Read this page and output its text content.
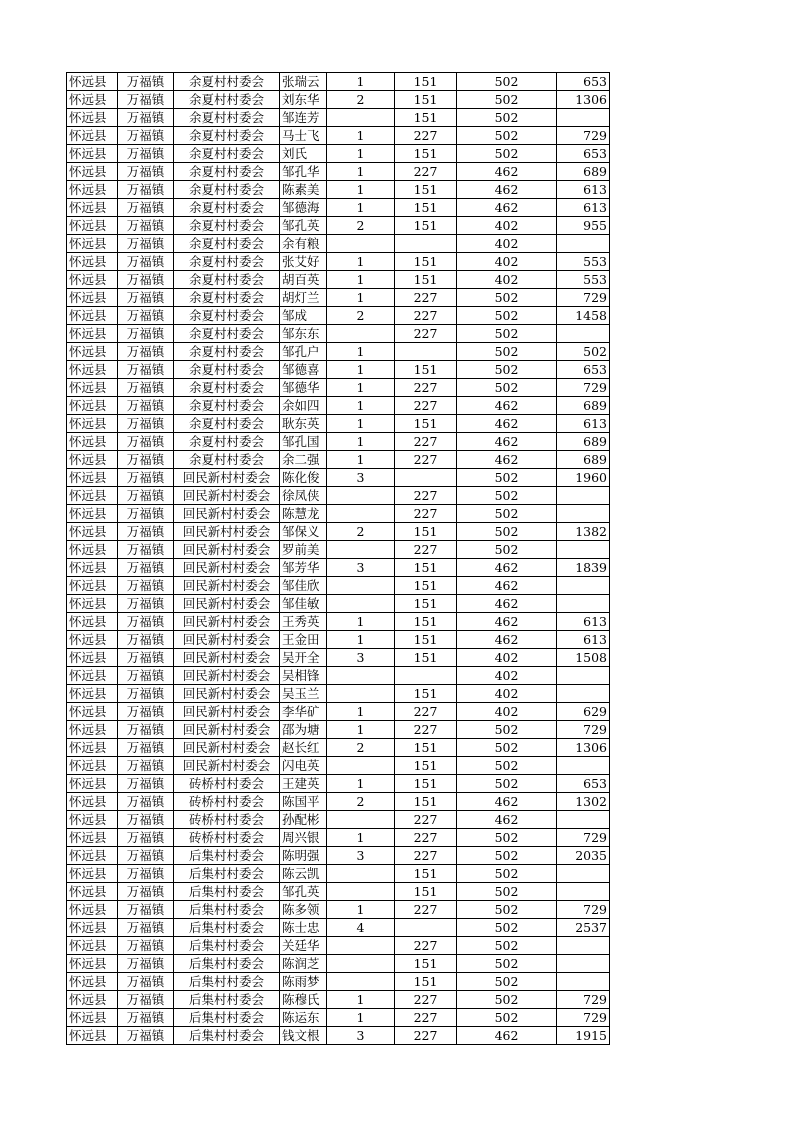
怀远县	万福镇	余夏村村委会	张瑞云	1	151	502	653
怀远县	万福镇	余夏村村委会	刘东华	2	151	502	1306
怀远县	万福镇	余夏村村委会	邹连芳		151	502	
怀远县	万福镇	余夏村村委会	马士飞	1	227	502	729
怀远县	万福镇	余夏村村委会	刘氏	1	151	502	653
怀远县	万福镇	余夏村村委会	邹孔华	1	227	462	689
怀远县	万福镇	余夏村村委会	陈素美	1	151	462	613
怀远县	万福镇	余夏村村委会	邹德海	1	151	462	613
怀远县	万福镇	余夏村村委会	邹孔英	2	151	402	955
怀远县	万福镇	余夏村村委会	余有粮			402	
怀远县	万福镇	余夏村村委会	张艾好	1	151	402	553
怀远县	万福镇	余夏村村委会	胡百英	1	151	402	553
怀远县	万福镇	余夏村村委会	胡灯兰	1	227	502	729
怀远县	万福镇	余夏村村委会	邹成	2	227	502	1458
怀远县	万福镇	余夏村村委会	邹东东		227	502	
怀远县	万福镇	余夏村村委会	邹孔户	1		502	502
怀远县	万福镇	余夏村村委会	邹德喜	1	151	502	653
怀远县	万福镇	余夏村村委会	邹德华	1	227	502	729
怀远县	万福镇	余夏村村委会	余如四	1	227	462	689
怀远县	万福镇	余夏村村委会	耿东英	1	151	462	613
怀远县	万福镇	余夏村村委会	邹孔国	1	227	462	689
怀远县	万福镇	余夏村村委会	余二强	1	227	462	689
怀远县	万福镇	回民新村村委会	陈化俊	3		502	1960
怀远县	万福镇	回民新村村委会	徐凤侠		227	502	
怀远县	万福镇	回民新村村委会	陈慧龙		227	502	
怀远县	万福镇	回民新村村委会	邹保义	2	151	502	1382
怀远县	万福镇	回民新村村委会	罗前美		227	502	
怀远县	万福镇	回民新村村委会	邹芳华	3	151	462	1839
怀远县	万福镇	回民新村村委会	邹佳欣		151	462	
怀远县	万福镇	回民新村村委会	邹佳敏		151	462	
怀远县	万福镇	回民新村村委会	王秀英	1	151	462	613
怀远县	万福镇	回民新村村委会	王金田	1	151	462	613
怀远县	万福镇	回民新村村委会	吴开全	3	151	402	1508
怀远县	万福镇	回民新村村委会	吴相锋			402	
怀远县	万福镇	回民新村村委会	吴玉兰		151	402	
怀远县	万福镇	回民新村村委会	李华矿	1	227	402	629
怀远县	万福镇	回民新村村委会	邵为塘	1	227	502	729
怀远县	万福镇	回民新村村委会	赵长红	2	151	502	1306
怀远县	万福镇	回民新村村委会	闪电英		151	502	
怀远县	万福镇	砖桥村村委会	王建英	1	151	502	653
怀远县	万福镇	砖桥村村委会	陈国平	2	151	462	1302
怀远县	万福镇	砖桥村村委会	孙配彬		227	462	
怀远县	万福镇	砖桥村村委会	周兴银	1	227	502	729
怀远县	万福镇	后集村村委会	陈明强	3	227	502	2035
怀远县	万福镇	后集村村委会	陈云凯		151	502	
怀远县	万福镇	后集村村委会	邹孔英		151	502	
怀远县	万福镇	后集村村委会	陈多领	1	227	502	729
怀远县	万福镇	后集村村委会	陈士忠	4		502	2537
怀远县	万福镇	后集村村委会	关廷华		227	502	
怀远县	万福镇	后集村村委会	陈润芝		151	502	
怀远县	万福镇	后集村村委会	陈雨梦		151	502	
怀远县	万福镇	后集村村委会	陈穆氏	1	227	502	729
怀远县	万福镇	后集村村委会	陈运东	1	227	502	729
怀远县	万福镇	后集村村委会	钱文根	3	227	462	1915
